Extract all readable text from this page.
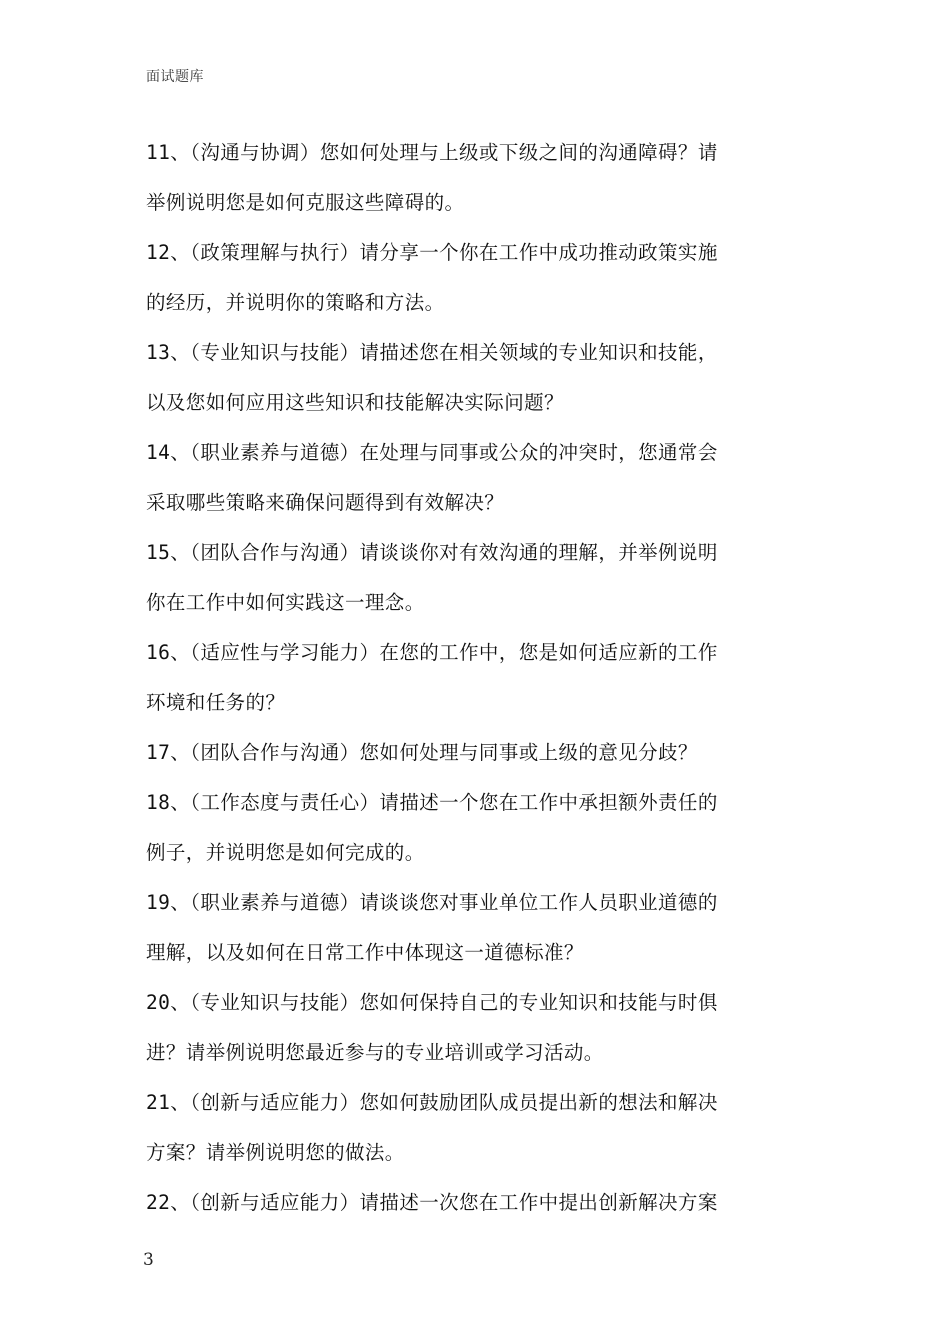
面试题库

11、（沟通与协调）您如何处理与上级或下级之间的沟通障碍？请
举例说明您是如何克服这些障碍的。

12、（政策理解与执行）请分享一个你在工作中成功推动政策实施
的经历，并说明你的策略和方法。

13、（专业知识与技能）请描述您在相关领域的专业知识和技能，
以及您如何应用这些知识和技能解决实际问题？

14、（职业素养与道德）在处理与同事或公众的冲突时，您通常会
采取哪些策略来确保问题得到有效解决？

15、（团队合作与沟通）请谈谈你对有效沟通的理解，并举例说明
你在工作中如何实践这一理念。

16、（适应性与学习能力）在您的工作中，您是如何适应新的工作
环境和任务的？

17、（团队合作与沟通）您如何处理与同事或上级的意见分歧？

18、（工作态度与责任心）请描述一个您在工作中承担额外责任的
例子，并说明您是如何完成的。

19、（职业素养与道德）请谈谈您对事业单位工作人员职业道德的
理解，以及如何在日常工作中体现这一道德标准？

20、（专业知识与技能）您如何保持自己的专业知识和技能与时俱
进？请举例说明您最近参与的专业培训或学习活动。

21、（创新与适应能力）您如何鼓励团队成员提出新的想法和解决
方案？请举例说明您的做法。

22、（创新与适应能力）请描述一次您在工作中提出创新解决方案

3
